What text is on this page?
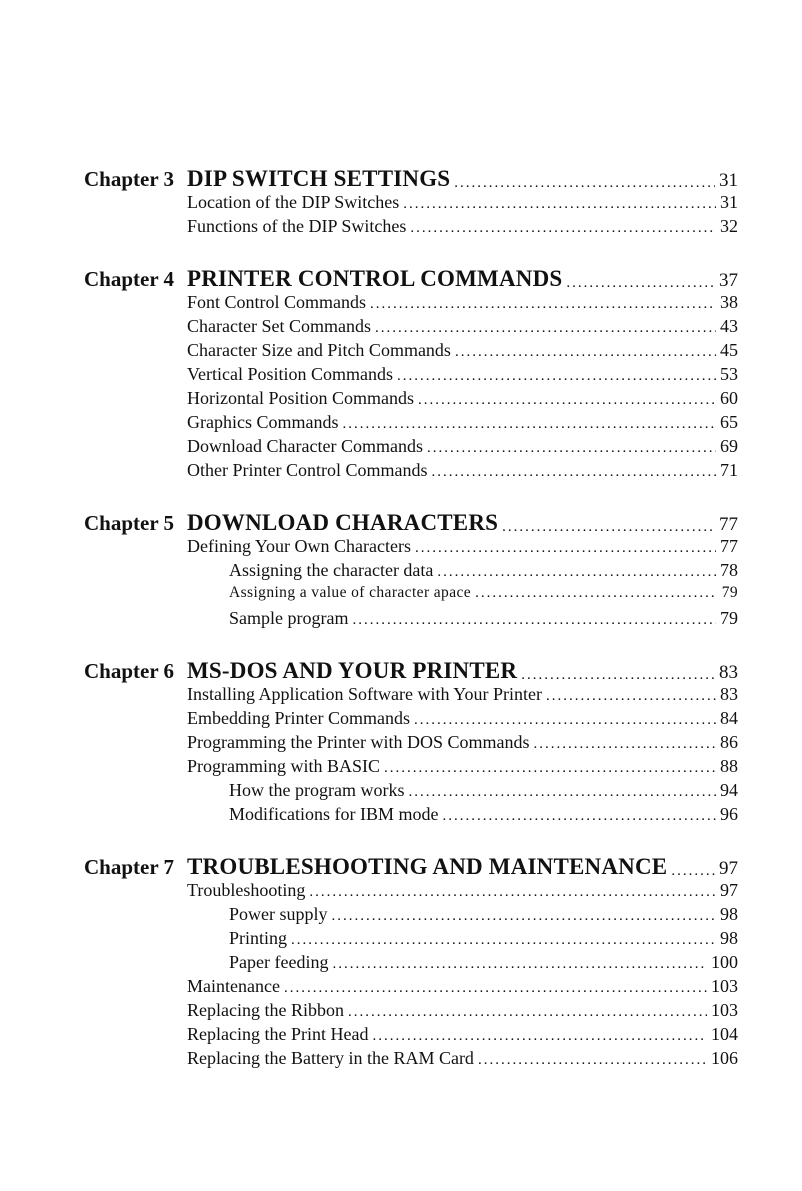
Chapter 3 DIP SWITCH SETTINGS .....	31
Location of the DIP Switches .....	31
Functions of the DIP Switches .....	32
Chapter 4 PRINTER CONTROL COMMANDS .....	37
Font Control Commands .....	38
Character Set Commands .....	43
Character Size and Pitch Commands .....	45
Vertical Position Commands .....	53
Horizontal Position Commands .....	60
Graphics Commands .....	65
Download Character Commands .....	69
Other Printer Control Commands .....	71
Chapter 5 DOWNLOAD CHARACTERS .....	77
Defining Your Own Characters .....	77
Assigning the character data .....	78
Assigning a value of character apace .....	79
Sample program .....	79
Chapter 6 MS-DOS AND YOUR PRINTER .....	83
Installing Application Software with Your Printer .....	83
Embedding Printer Commands .....	84
Programming the Printer with DOS Commands .....	86
Programming with BASIC .....	88
How the program works .....	94
Modifications for IBM mode .....	96
Chapter 7 TROUBLESHOOTING AND MAINTENANCE .....	97
Troubleshooting .....	97
Power supply .....	98
Printing .....	98
Paper feeding .....	100
Maintenance .....	103
Replacing the Ribbon .....	103
Replacing the Print Head .....	104
Replacing the Battery in the RAM Card .....	106
